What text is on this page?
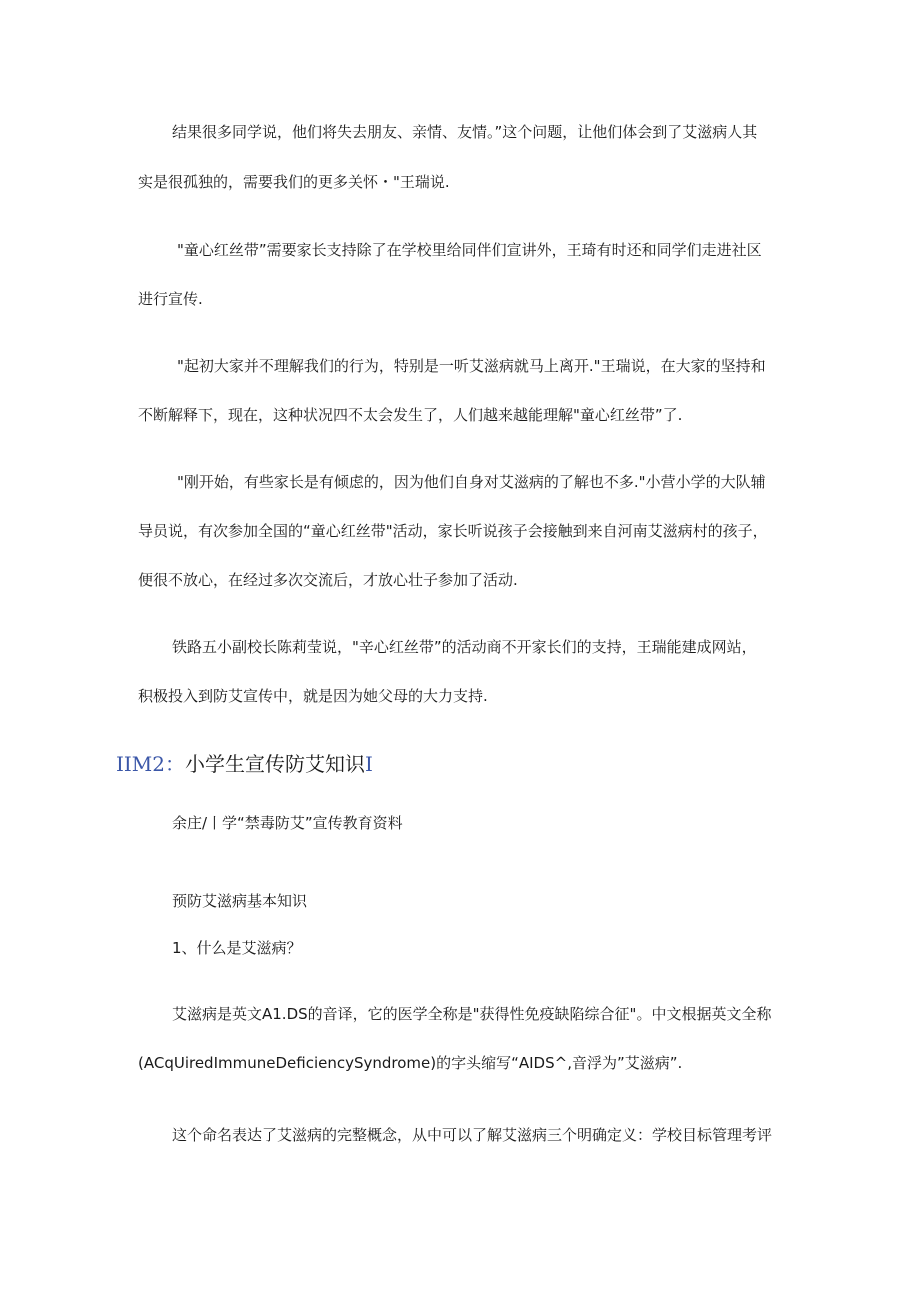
结果很多同学说，他们将失去朋友、亲情、友情。”这个问题，让他们体会到了艾滋病人其
实是很孤独的，需要我们的更多关怀・"王瑞说.
"童心红丝带”需要家长支持除了在学校里给同伴们宣讲外，王琦有时还和同学们走进社区
进行宣传.
"起初大家并不理解我们的行为，特别是一听艾滋病就马上离开."王瑞说，在大家的坚持和
不断解释下，现在，这种状况四不太会发生了，人们越来越能理解"童心红丝带”了.
"刚开始，有些家长是有倾虑的，因为他们自身对艾滋病的了解也不多."小营小学的大队辅
导员说，有次参加全国的“童心红丝带"活动，家长听说孩子会接触到来自河南艾滋病村的孩子，
便很不放心，在经过多次交流后，才放心壮子参加了活动.
铁路五小副校长陈莉莹说，"辛心红丝带”的活动商不开家长们的支持，王瑞能建成网站，
积极投入到防艾宣传中，就是因为她父母的大力支持.
IIM2：小学生宣传防艾知识I
余庄/丨学“禁毒防艾”宣传教育资料
预防艾滋病基本知识
1、什么是艾滋病？
艾滋病是英文A1.DS的音译，它的医学全称是"获得性免疫缺陷综合征"。中文根据英文全称
(ACqUiredImmuneDeficiencySyndrome)的字头缩写“AIDS^,音浮为”艾滋病”.
这个命名表达了艾滋病的完整概念，从中可以了解艾滋病三个明确定义：学校目标管理考评
